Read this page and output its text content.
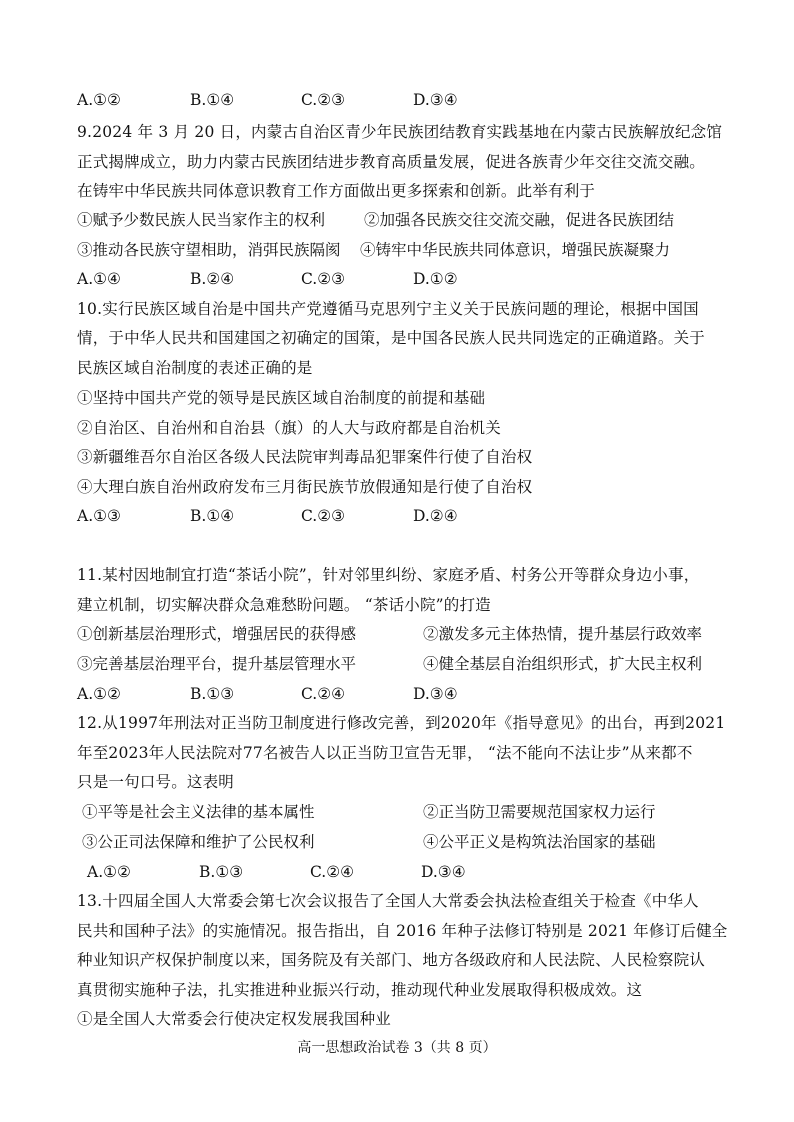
A.①②	B.①④	C.②③	D.③④
9.2024 年 3 月 20 日，内蒙古自治区青少年民族团结教育实践基地在内蒙古民族解放纪念馆
正式揭牌成立，助力内蒙古民族团结进步教育高质量发展，促进各族青少年交往交流交融。
在铸牢中华民族共同体意识教育工作方面做出更多探索和创新。此举有利于
①赋予少数民族人民当家作主的权利	②加强各民族交往交流交融，促进各民族团结
③推动各民族守望相助，消弭民族隔阂 ④铸牢中华民族共同体意识，增强民族凝聚力
A.①④	B.②④	C.②③	D.①②
10.实行民族区域自治是中国共产党遵循马克思列宁主义关于民族问题的理论，根据中国国
情，于中华人民共和国建国之初确定的国策，是中国各民族人民共同选定的正确道路。关于
民族区域自治制度的表述正确的是
①坚持中国共产党的领导是民族区域自治制度的前提和基础
②自治区、自治州和自治县（旗）的人大与政府都是自治机关
③新疆维吾尔自治区各级人民法院审判毒品犯罪案件行使了自治权
④大理白族自治州政府发布三月街民族节放假通知是行使了自治权
A.①③	B.①④	C.②③	D.②④
11.某村因地制宜打造“茶话小院”，针对邻里纠纷、家庭矛盾、村务公开等群众身边小事，
建立机制，切实解决群众急难愁盼问题。 “茶话小院”的打造
①创新基层治理形式，增强居民的获得感	②激发多元主体热情，提升基层行政效率
③完善基层治理平台，提升基层管理水平	④健全基层自治组织形式，扩大民主权利
A.①②	B.①③	C.②④	D.③④
12.从1997年刑法对正当防卫制度进行修改完善，到2020年《指导意见》的出台，再到2021
年至2023年人民法院对77名被告人以正当防卫宣告无罪， “法不能向不法让步”从来都不
只是一句口号。这表明
①平等是社会主义法律的基本属性	②正当防卫需要规范国家权力运行
③公正司法保障和维护了公民权利	④公平正义是构筑法治国家的基础
A.①②	B.①③	C.②④	D.③④
13.十四届全国人大常委会第七次会议报告了全国人大常委会执法检查组关于检查《中华人
民共和国种子法》的实施情况。报告指出，自 2016 年种子法修订特别是 2021 年修订后健全
种业知识产权保护制度以来，国务院及有关部门、地方各级政府和人民法院、人民检察院认
真贯彻实施种子法，扎实推进种业振兴行动，推动现代种业发展取得积极成效。这
①是全国人大常委会行使决定权发展我国种业
高一思想政治试卷 3（共 8 页）
